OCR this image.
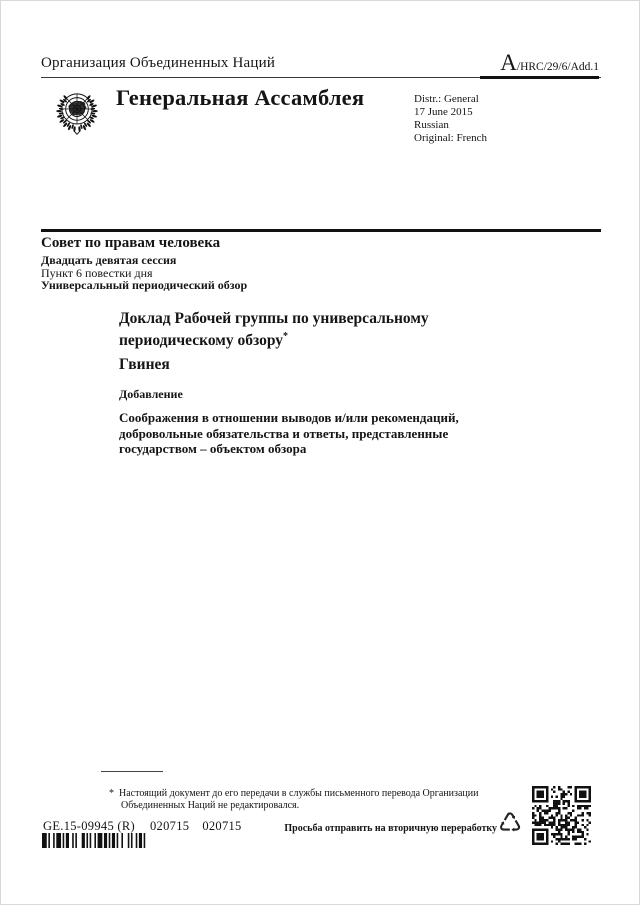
Организация Объединенных Наций	A/HRC/29/6/Add.1
Генеральная Ассамблея	Distr.: General
17 June 2015
Russian
Original: French
Совет по правам человека
Двадцать девятая сессия
Пункт 6 повестки дня
Универсальный периодический обзор
Доклад Рабочей группы по универсальному периодическому обзору*
Гвинея
Добавление
Соображения в отношении выводов и/или рекомендаций, добровольные обязательства и ответы, представленные государством – объектом обзора

* Настоящий документ до его передачи в службы письменного перевода Организации Объединенных Наций не редактировался.

GE.15-09945 (R) 020715 020715	Просьба отправить на вторичную переработку ♺
